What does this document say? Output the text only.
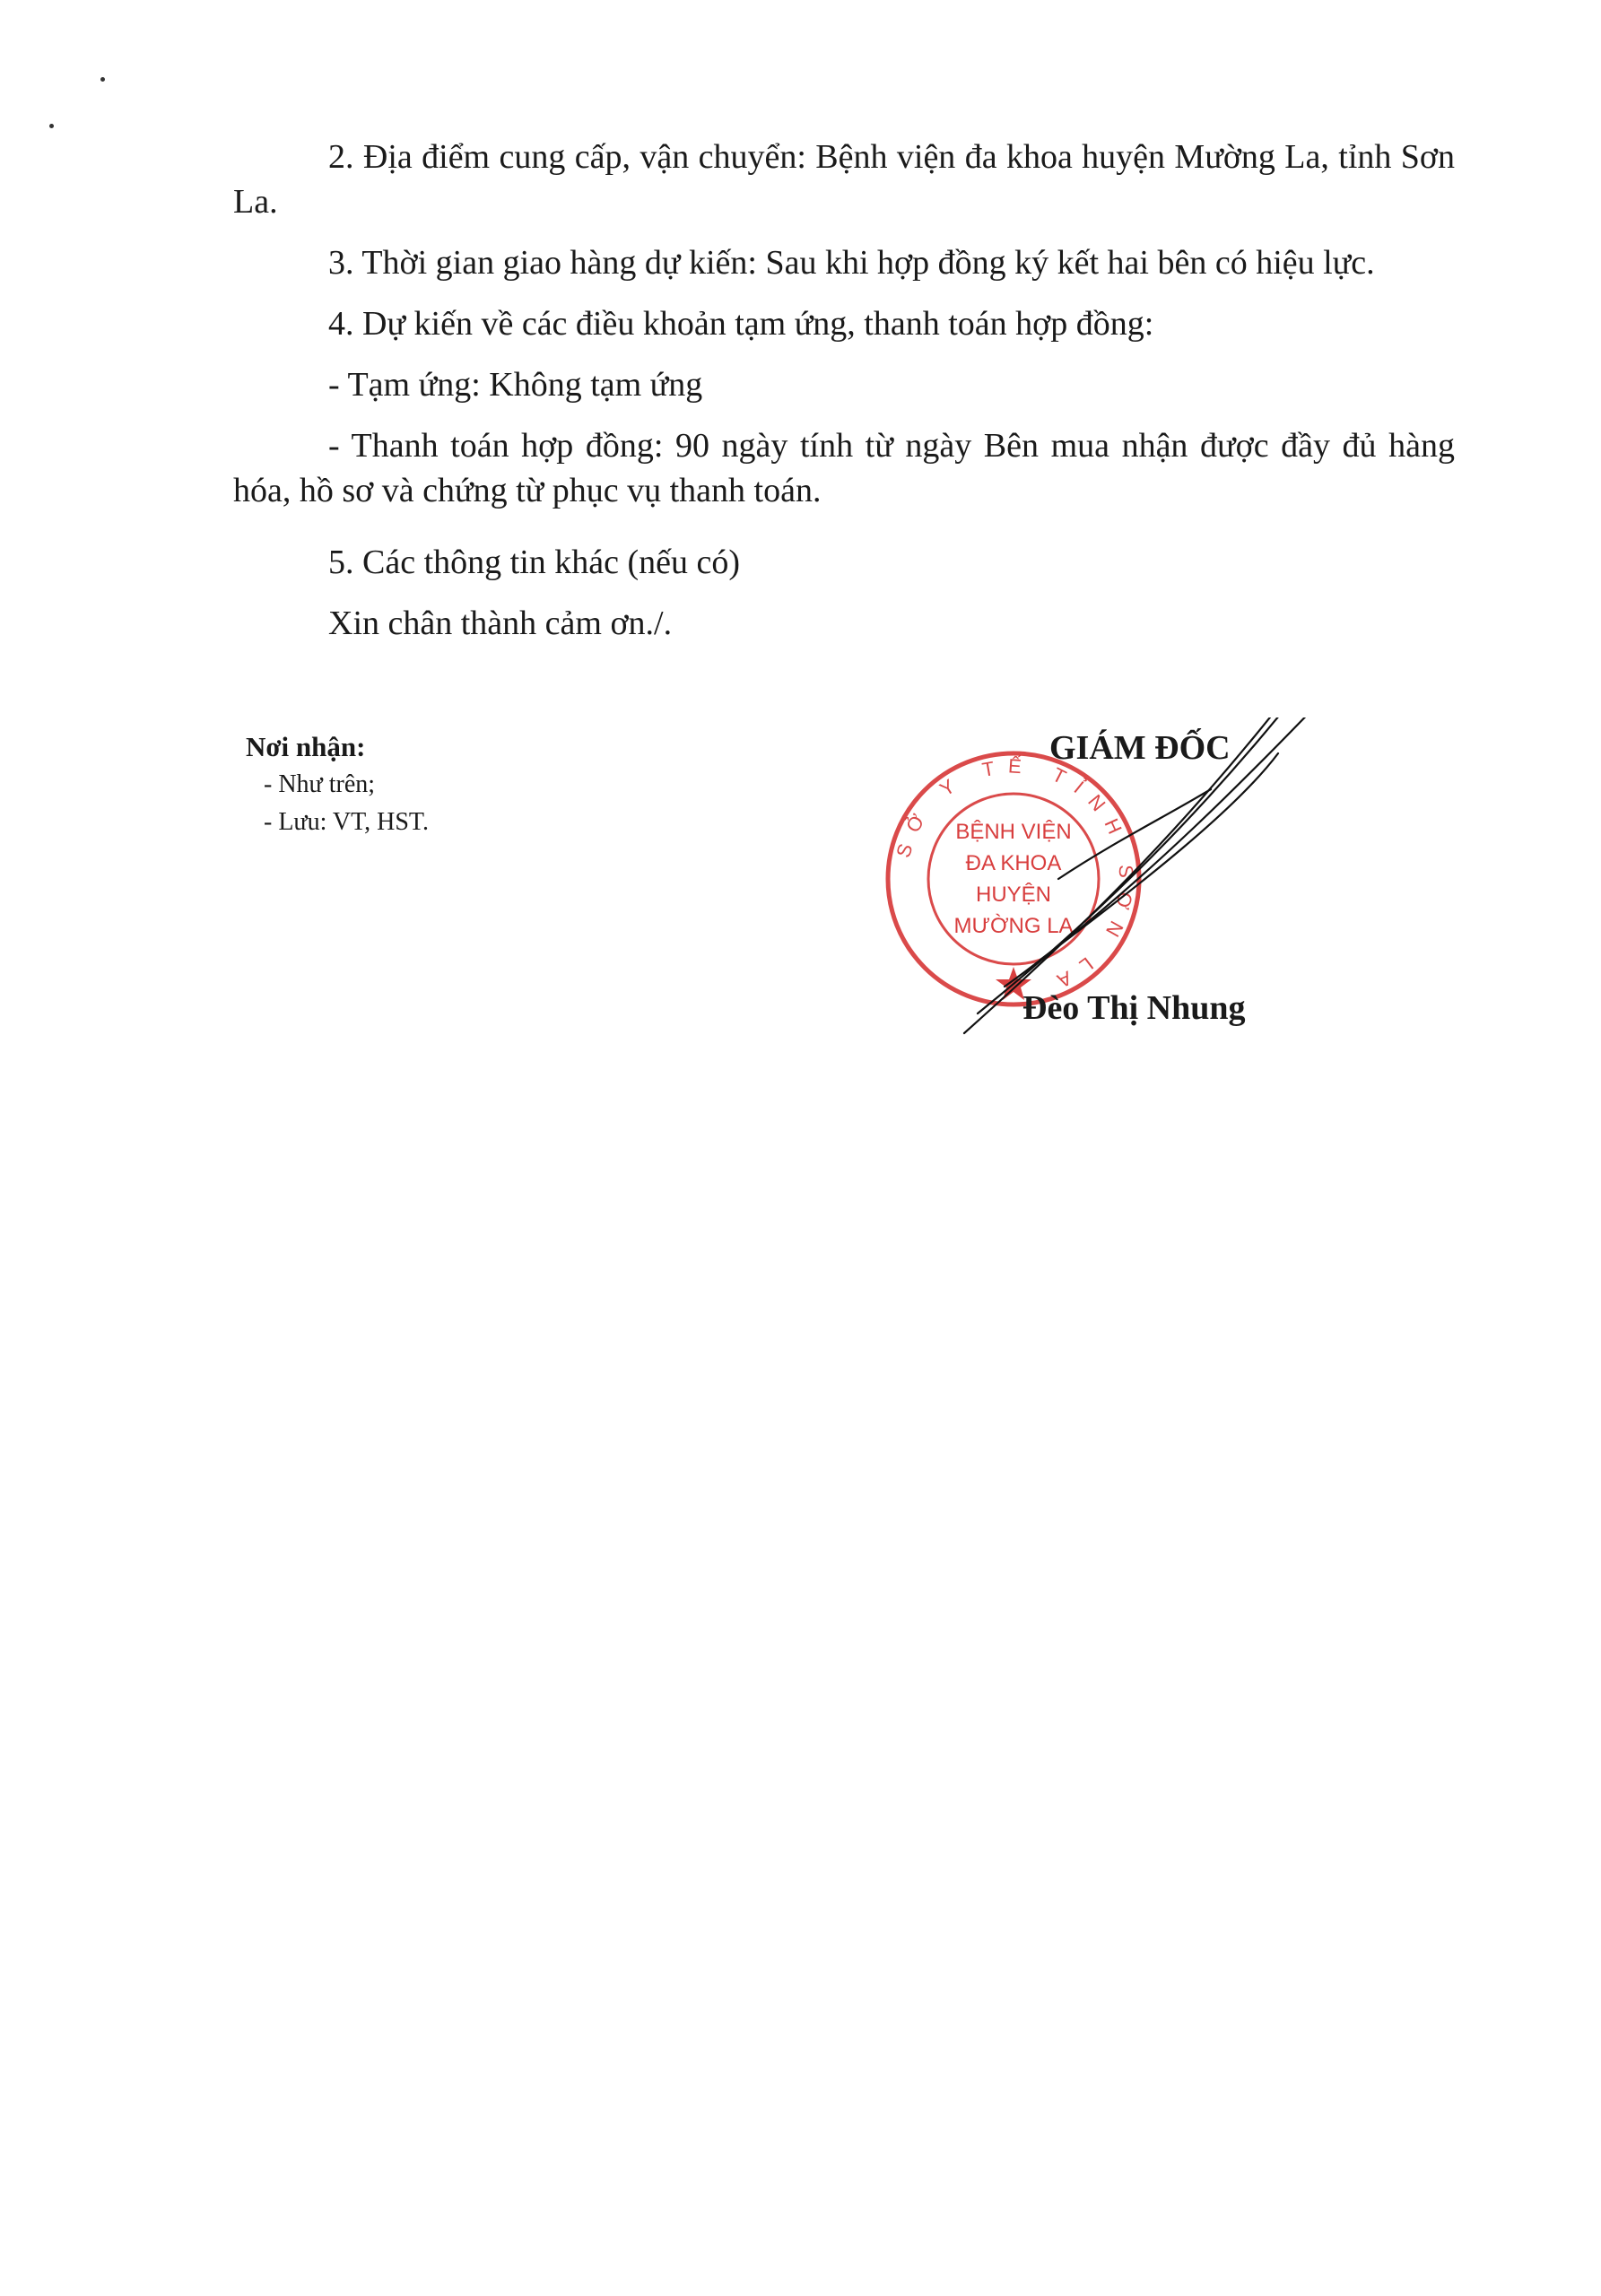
2. Địa điểm cung cấp, vận chuyển: Bệnh viện đa khoa huyện Mường La, tỉnh Sơn La.

3. Thời gian giao hàng dự kiến: Sau khi hợp đồng ký kết hai bên có hiệu lực.

4. Dự kiến về các điều khoản tạm ứng, thanh toán hợp đồng:

- Tạm ứng: Không tạm ứng

- Thanh toán hợp đồng: 90 ngày tính từ ngày Bên mua nhận được đầy đủ hàng hóa, hồ sơ và chứng từ phục vụ thanh toán.

5. Các thông tin khác (nếu có)

Xin chân thành cảm ơn./.

Nơi nhận:
- Như trên;
- Lưu: VT, HST.
SỞ Y TẾ TỈNH SƠN LA
BỆNH VIỆN
ĐA KHOA
HUYỆN
MƯỜNG LA
GIÁM ĐỐC
Đèo Thị Nhung
